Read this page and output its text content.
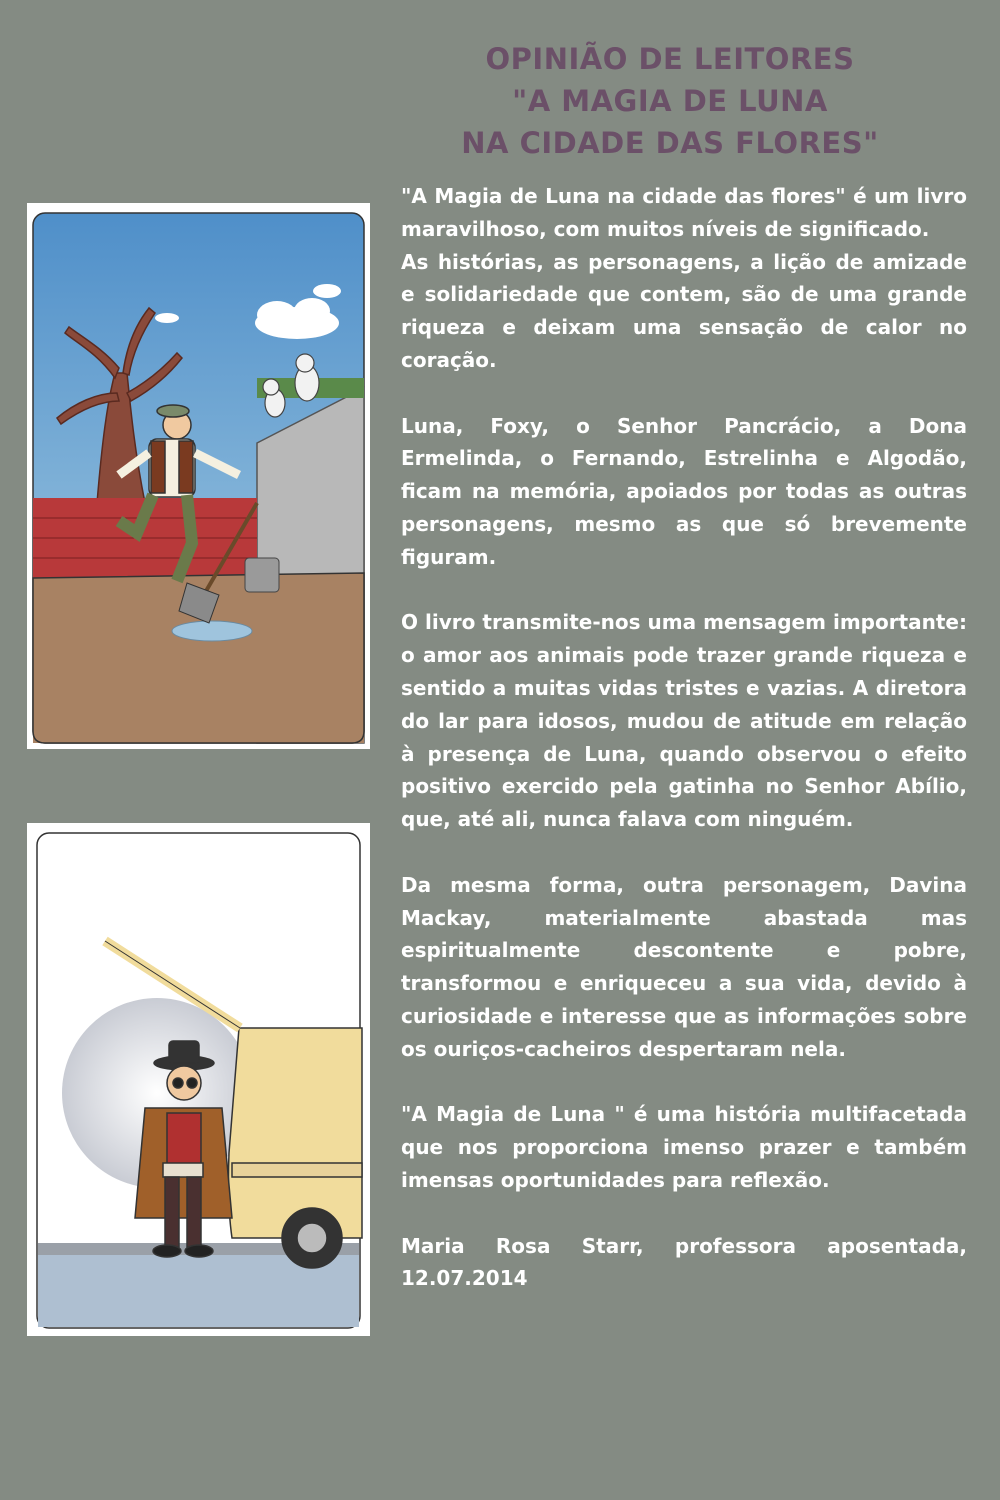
OPINIÃO DE LEITORES
"A MAGIA DE LUNA
NA CIDADE DAS FLORES"

"A Magia de Luna na cidade das flores" é um livro maravilhoso, com muitos níveis de significado.

As histórias, as personagens, a lição de amizade e solidariedade que contem, são de uma grande riqueza e deixam uma sensação de calor no coração.

Luna, Foxy, o Senhor Pancrácio, a Dona Ermelinda, o Fernando, Estrelinha e Algodão, ficam na memória, apoiados por todas as outras personagens, mesmo as que só brevemente figuram.

O livro transmite-nos uma mensagem importante: o amor aos animais pode trazer grande riqueza e sentido a muitas vidas tristes e vazias. A diretora do lar para idosos, mudou de atitude em relação à presença de Luna, quando observou o efeito positivo exercido pela gatinha no Senhor Abílio, que, até ali, nunca falava com ninguém.

Da mesma forma, outra personagem, Davina Mackay, materialmente abastada mas espiritualmente descontente e pobre, transformou e enriqueceu a sua vida, devido à curiosidade e interesse que as informações sobre os ouriços-cacheiros despertaram nela.

"A Magia de Luna " é uma história multifacetada que nos proporciona imenso prazer e também imensas oportunidades para reflexão.

Maria Rosa Starr, professora aposentada, 12.07.2014
